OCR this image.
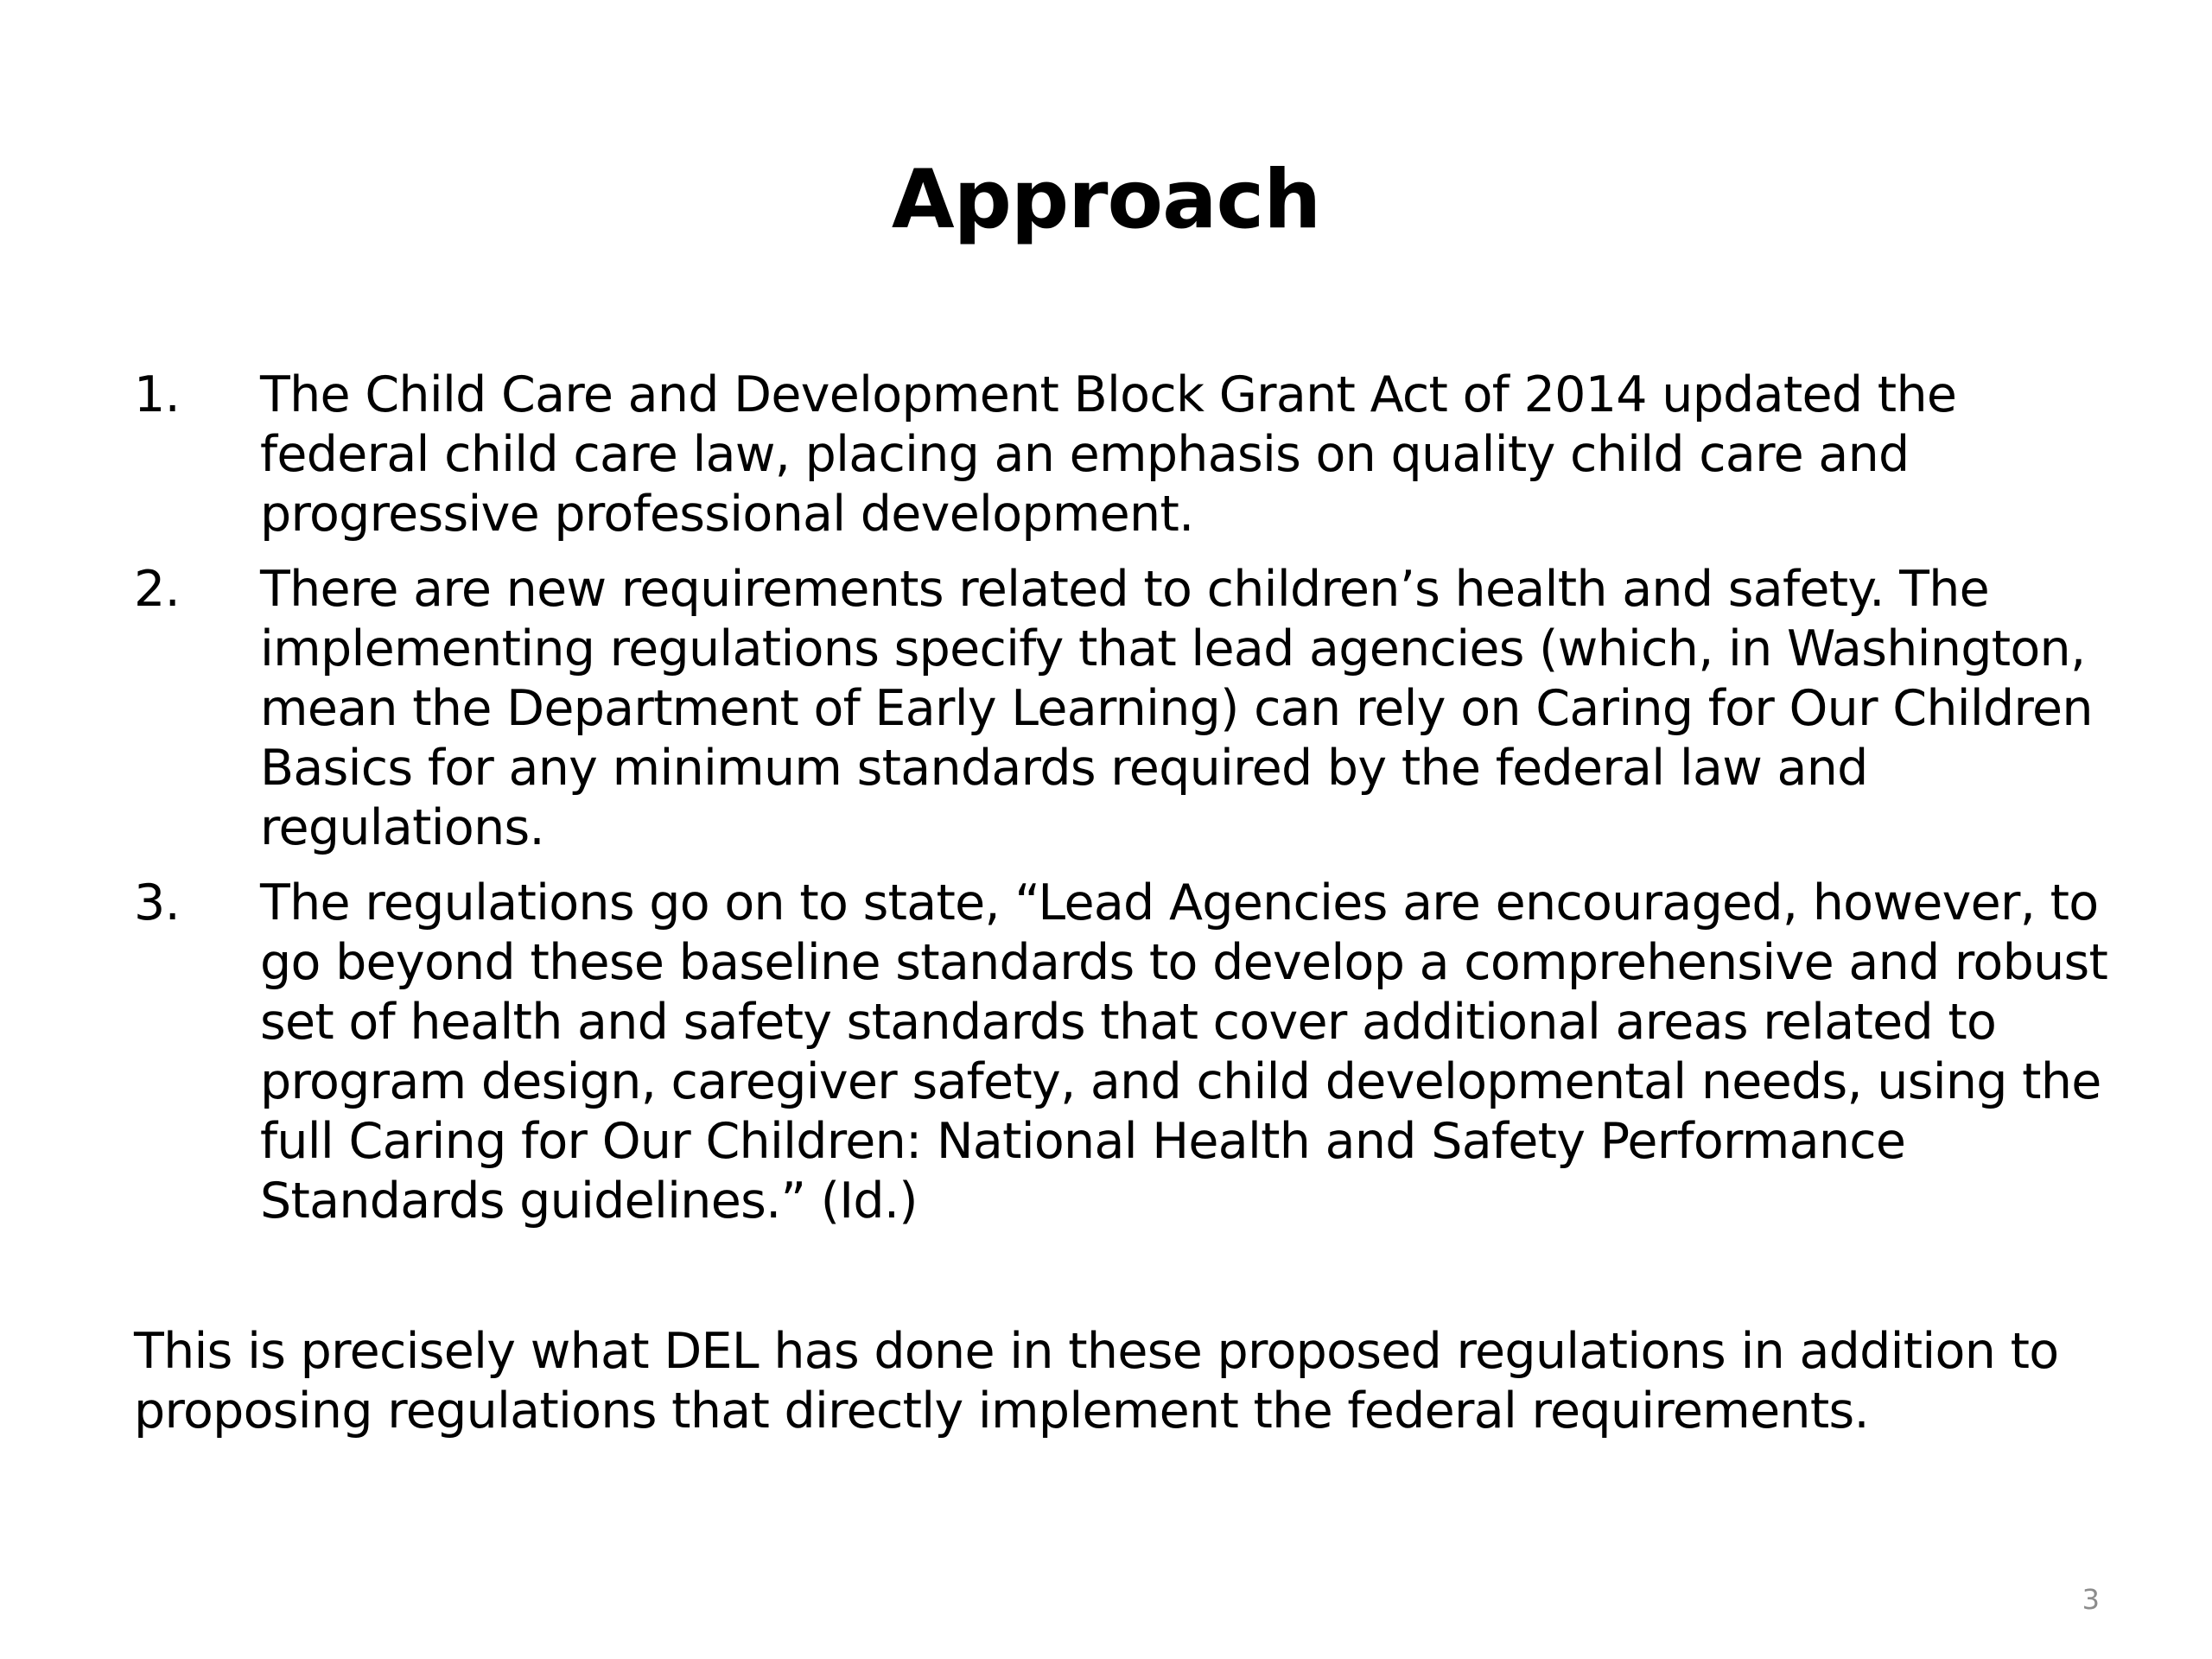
Approach
1. The Child Care and Development Block Grant Act of 2014 updated the federal child care law, placing an emphasis on quality child care and progressive professional development.
2. There are new requirements related to children’s health and safety. The implementing regulations specify that lead agencies (which, in Washington, mean the Department of Early Learning) can rely on Caring for Our Children Basics for any minimum standards required by the federal law and regulations.
3. The regulations go on to state, “Lead Agencies are encouraged, however, to go beyond these baseline standards to develop a comprehensive and robust set of health and safety standards that cover additional areas related to program design, caregiver safety, and child developmental needs, using the full Caring for Our Children: National Health and Safety Performance Standards guidelines.” (Id.)

This is precisely what DEL has done in these proposed regulations in addition to proposing regulations that directly implement the federal requirements.

3
